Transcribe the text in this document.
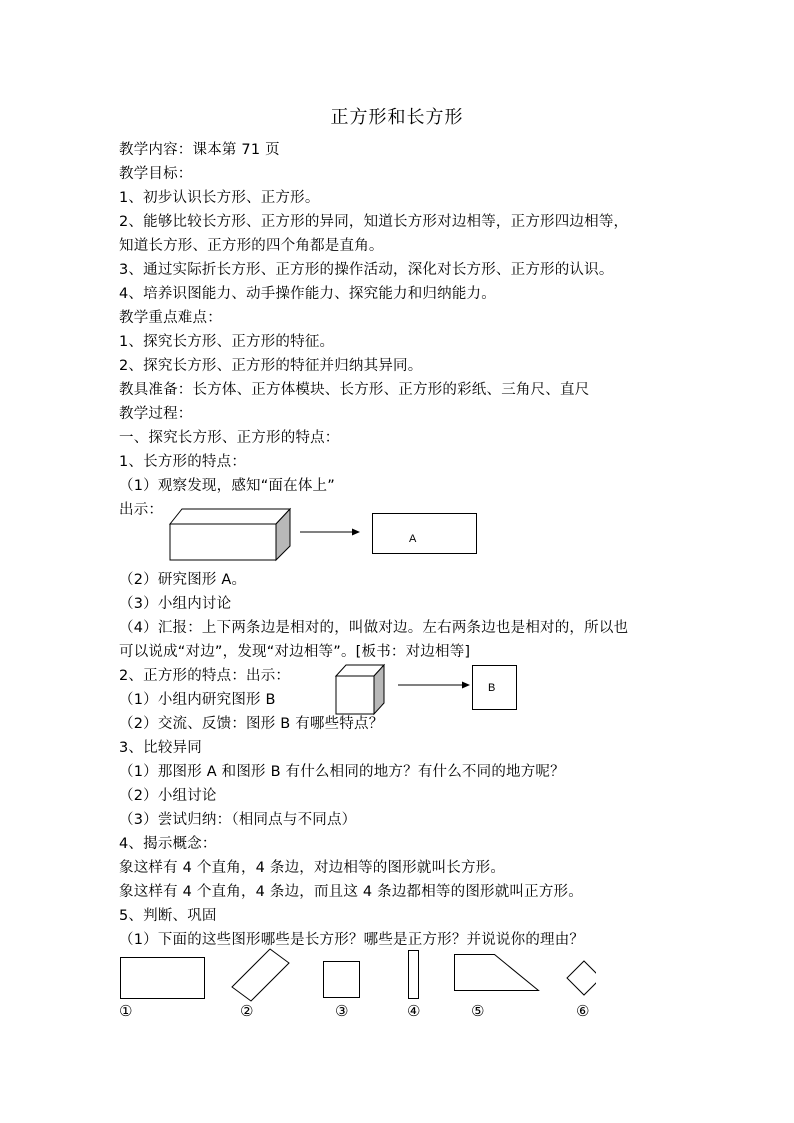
正方形和长方形
教学内容：课本第 71 页
教学目标：
1、初步认识长方形、正方形。
2、能够比较长方形、正方形的异同，知道长方形对边相等，正方形四边相等，
知道长方形、正方形的四个角都是直角。
3、通过实际折长方形、正方形的操作活动，深化对长方形、正方形的认识。
4、培养识图能力、动手操作能力、探究能力和归纳能力。
教学重点难点：
1、探究长方形、正方形的特征。
2、探究长方形、正方形的特征并归纳其异同。
教具准备：长方体、正方体模块、长方形、正方形的彩纸、三角尺、直尺
教学过程：
一、探究长方形、正方形的特点：
1、长方形的特点：
（1）观察发现，感知“面在体上”
出示：
A
（2）研究图形 A。
（3）小组内讨论
（4）汇报：上下两条边是相对的，叫做对边。左右两条边也是相对的，所以也
可以说成“对边”，发现“对边相等”。[板书：对边相等]
2、正方形的特点：出示：
（1）小组内研究图形 B
（2）交流、反馈：图形 B 有哪些特点？
B
3、比较异同
（1）那图形 A 和图形 B 有什么相同的地方？有什么不同的地方呢？
（2）小组讨论
（3）尝试归纳：（相同点与不同点）
4、揭示概念：
象这样有 4 个直角，4 条边，对边相等的图形就叫长方形。
象这样有 4 个直角，4 条边，而且这 4 条边都相等的图形就叫正方形。
5、判断、巩固
（1）下面的这些图形哪些是长方形？哪些是正方形？并说说你的理由？
①	②	③	④	⑤	⑥
